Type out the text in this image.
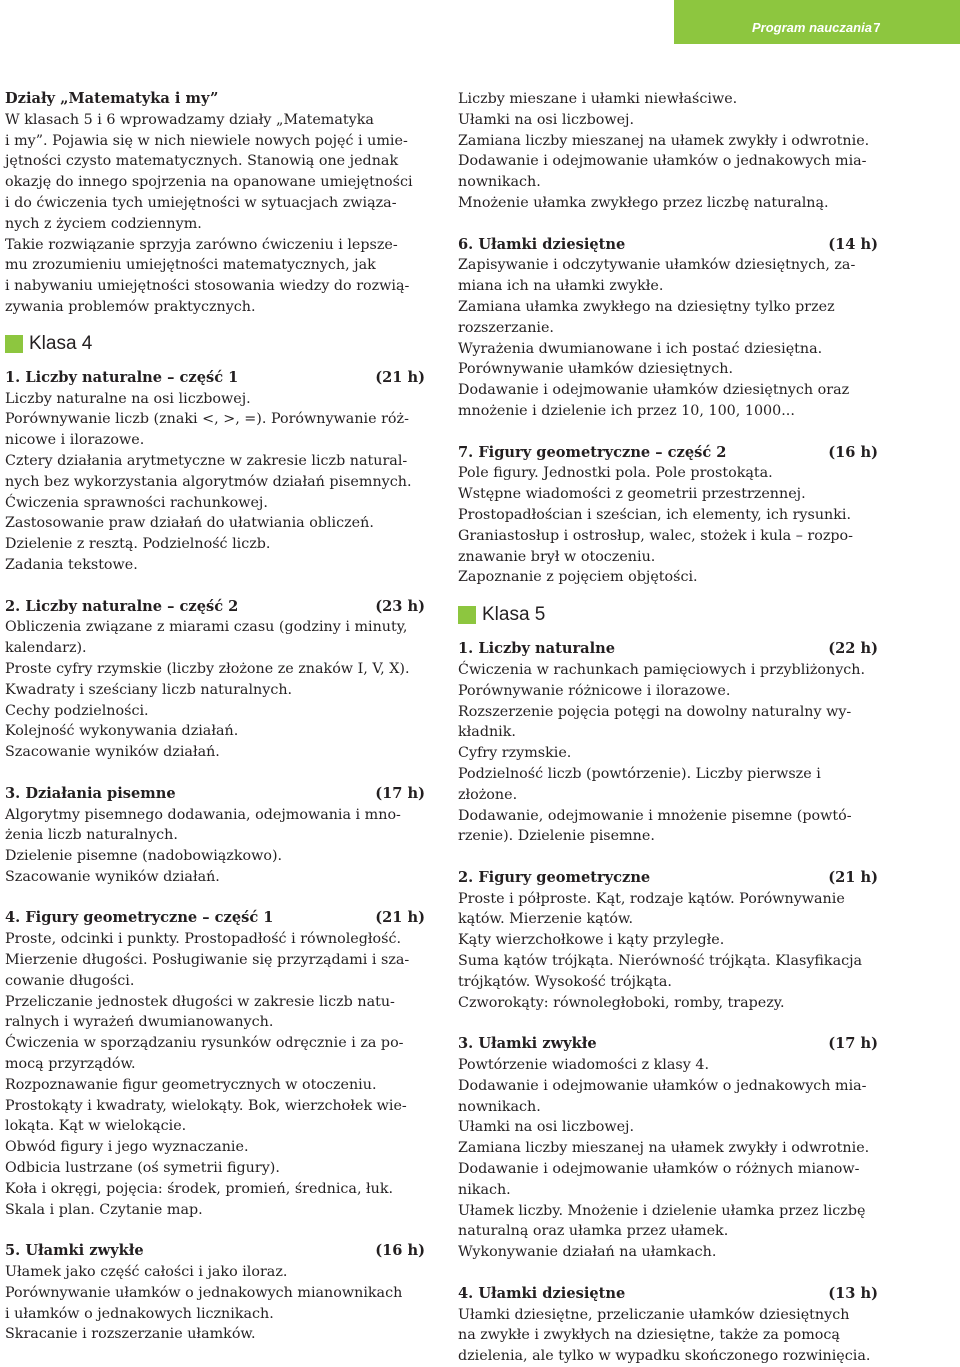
Program nauczania 7
Działy „Matematyka i my”
W klasach 5 i 6 wprowadzamy działy „Matematyka
i my”. Pojawia się w nich niewiele nowych pojęć i umie-
jętności czysto matematycznych. Stanowią one jednak
okazję do innego spojrzenia na opanowane umiejętności
i do ćwiczenia tych umiejętności w sytuacjach związa-
nych z życiem codziennym.
Takie rozwiązanie sprzyja zarówno ćwiczeniu i lepsze-
mu zrozumieniu umiejętności matematycznych, jak
i nabywaniu umiejętności stosowania wiedzy do rozwią-
zywania problemów praktycznych.
Klasa 4
1. Liczby naturalne – część 1	(21 h)
Liczby naturalne na osi liczbowej.
Porównywanie liczb (znaki <, >, =). Porównywanie róż-
nicowe i ilorazowe.
Cztery działania arytmetyczne w zakresie liczb natural-
nych bez wykorzystania algorytmów działań pisemnych.
Ćwiczenia sprawności rachunkowej.
Zastosowanie praw działań do ułatwiania obliczeń.
Dzielenie z resztą. Podzielność liczb.
Zadania tekstowe.
2. Liczby naturalne – część 2	(23 h)
Obliczenia związane z miarami czasu (godziny i minuty,
kalendarz).
Proste cyfry rzymskie (liczby złożone ze znaków I, V, X).
Kwadraty i sześciany liczb naturalnych.
Cechy podzielności.
Kolejność wykonywania działań.
Szacowanie wyników działań.
3. Działania pisemne	(17 h)
Algorytmy pisemnego dodawania, odejmowania i mno-
żenia liczb naturalnych.
Dzielenie pisemne (nadobowiązkowo).
Szacowanie wyników działań.
4. Figury geometryczne – część 1	(21 h)
Proste, odcinki i punkty. Prostopadłość i równoległość.
Mierzenie długości. Posługiwanie się przyrządami i sza-
cowanie długości.
Przeliczanie jednostek długości w zakresie liczb natu-
ralnych i wyrażeń dwumianowanych.
Ćwiczenia w sporządzaniu rysunków odręcznie i za po-
mocą przyrządów.
Rozpoznawanie figur geometrycznych w otoczeniu.
Prostokąty i kwadraty, wielokąty. Bok, wierzchołek wie-
lokąta. Kąt w wielokącie.
Obwód figury i jego wyznaczanie.
Odbicia lustrzane (oś symetrii figury).
Koła i okręgi, pojęcia: środek, promień, średnica, łuk.
Skala i plan. Czytanie map.
5. Ułamki zwykłe	(16 h)
Ułamek jako część całości i jako iloraz.
Porównywanie ułamków o jednakowych mianownikach
i ułamków o jednakowych licznikach.
Skracanie i rozszerzanie ułamków.
Liczby mieszane i ułamki niewłaściwe.
Ułamki na osi liczbowej.
Zamiana liczby mieszanej na ułamek zwykły i odwrotnie.
Dodawanie i odejmowanie ułamków o jednakowych mia-
nownikach.
Mnożenie ułamka zwykłego przez liczbę naturalną.
6. Ułamki dziesiętne	(14 h)
Zapisywanie i odczytywanie ułamków dziesiętnych, za-
miana ich na ułamki zwykłe.
Zamiana ułamka zwykłego na dziesiętny tylko przez
rozszerzanie.
Wyrażenia dwumianowane i ich postać dziesiętna.
Porównywanie ułamków dziesiętnych.
Dodawanie i odejmowanie ułamków dziesiętnych oraz
mnożenie i dzielenie ich przez 10, 100, 1000...
7. Figury geometryczne – część 2	(16 h)
Pole figury. Jednostki pola. Pole prostokąta.
Wstępne wiadomości z geometrii przestrzennej.
Prostopadłościan i sześcian, ich elementy, ich rysunki.
Graniastosłup i ostrosłup, walec, stożek i kula – rozpo-
znawanie brył w otoczeniu.
Zapoznanie z pojęciem objętości.
Klasa 5
1. Liczby naturalne	(22 h)
Ćwiczenia w rachunkach pamięciowych i przybliżonych.
Porównywanie różnicowe i ilorazowe.
Rozszerzenie pojęcia potęgi na dowolny naturalny wy-
kładnik.
Cyfry rzymskie.
Podzielność liczb (powtórzenie). Liczby pierwsze i złożone.
Dodawanie, odejmowanie i mnożenie pisemne (powtó-
rzenie). Dzielenie pisemne.
2. Figury geometryczne	(21 h)
Proste i półproste. Kąt, rodzaje kątów. Porównywanie
kątów. Mierzenie kątów.
Kąty wierzchołkowe i kąty przyległe.
Suma kątów trójkąta. Nierówność trójkąta. Klasyfikacja
trójkątów. Wysokość trójkąta.
Czworokąty: równoległoboki, romby, trapezy.
3. Ułamki zwykłe	(17 h)
Powtórzenie wiadomości z klasy 4.
Dodawanie i odejmowanie ułamków o jednakowych mia-
nownikach.
Ułamki na osi liczbowej.
Zamiana liczby mieszanej na ułamek zwykły i odwrotnie.
Dodawanie i odejmowanie ułamków o różnych mianow-
nikach.
Ułamek liczby. Mnożenie i dzielenie ułamka przez liczbę
naturalną oraz ułamka przez ułamek.
Wykonywanie działań na ułamkach.
4. Ułamki dziesiętne	(13 h)
Ułamki dziesiętne, przeliczanie ułamków dziesiętnych
na zwykłe i zwykłych na dziesiętne, także za pomocą
dzielenia, ale tylko w wypadku skończonego rozwinięcia.
